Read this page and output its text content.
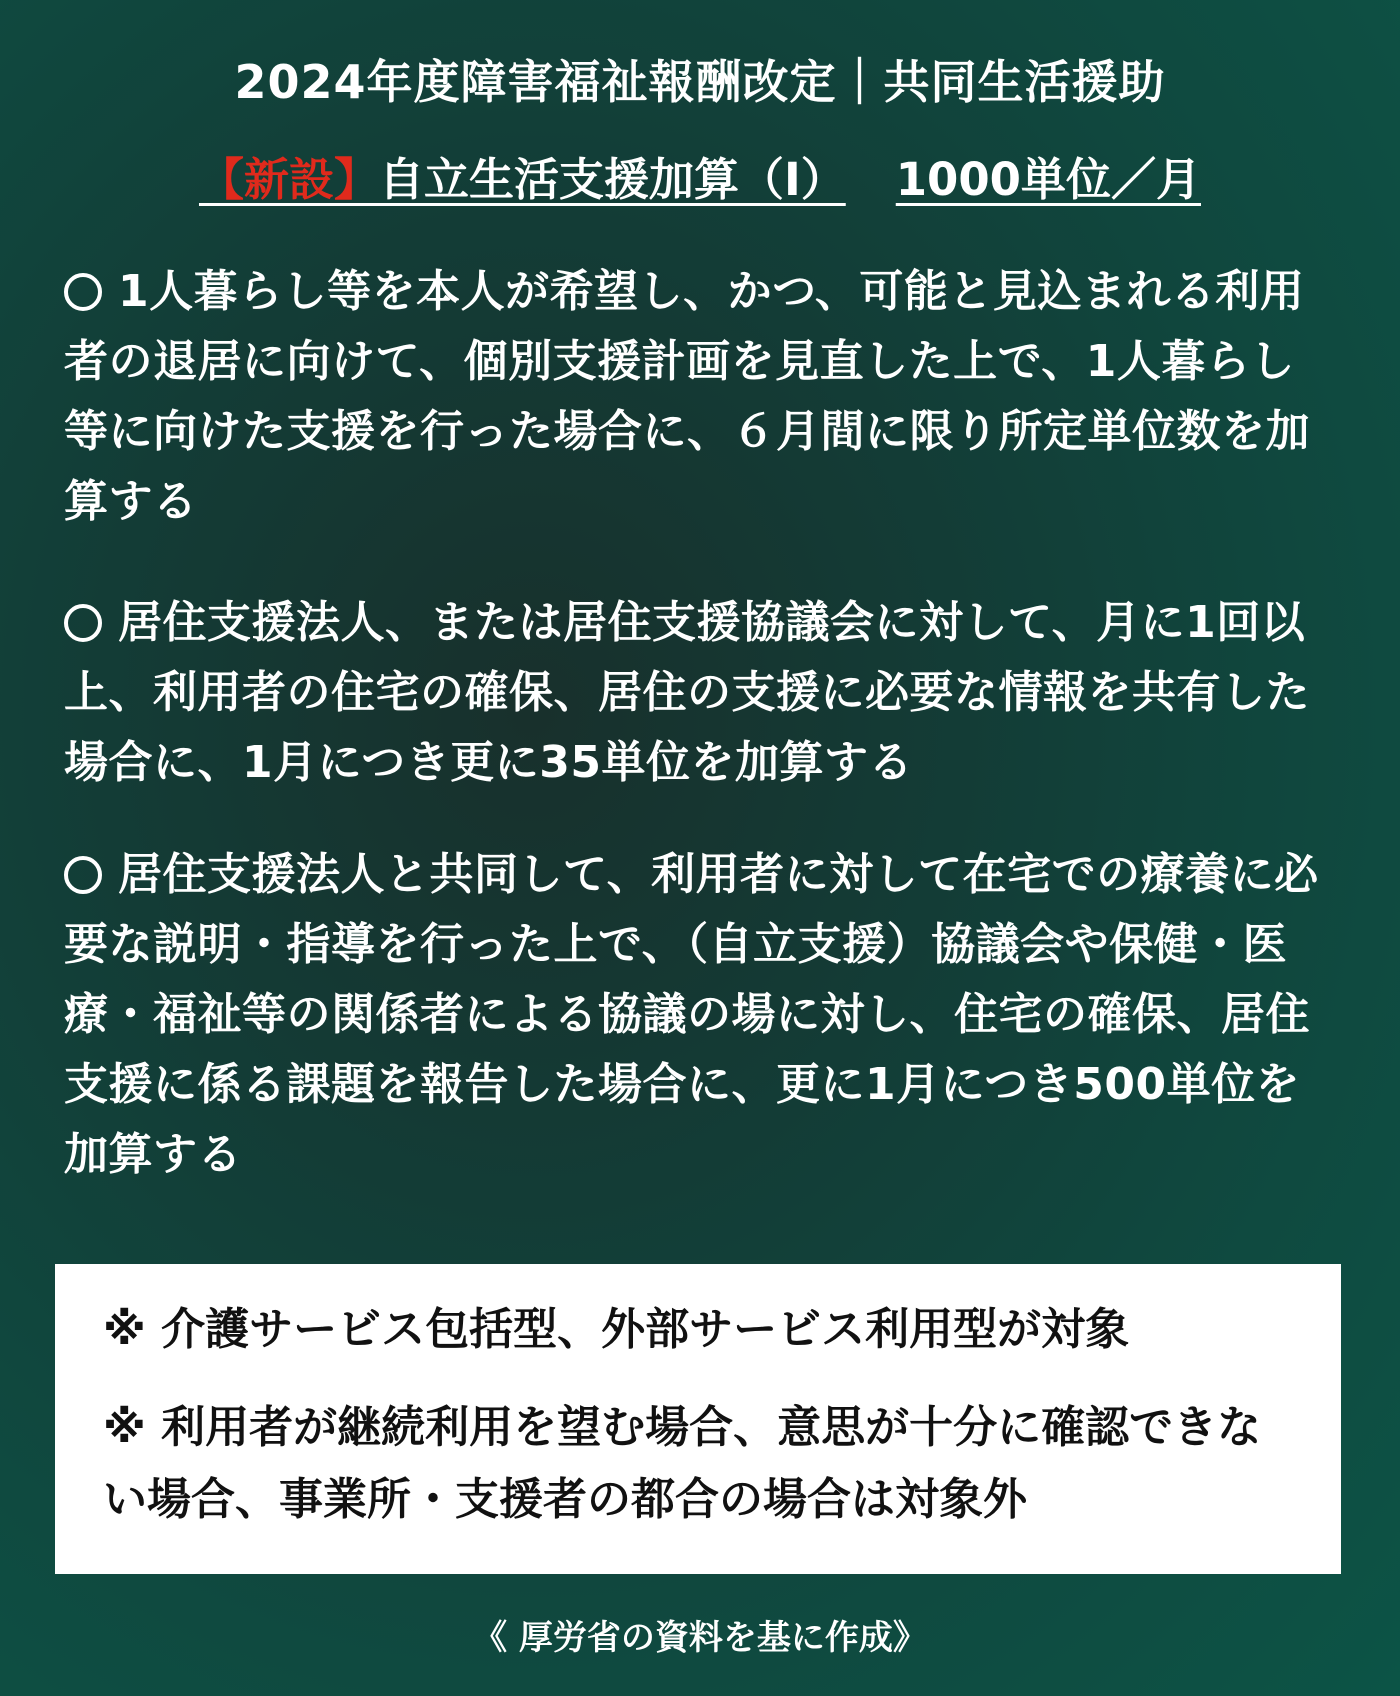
2024年度障害福祉報酬改定｜共同生活援助
【新設】自立生活支援加算（Ⅰ） 1000単位／月
1人暮らし等を本人が希望し、かつ、可能と見込まれる利用者の退居に向けて、個別支援計画を見直した上で、1人暮らし等に向けた支援を行った場合に、６月間に限り所定単位数を加算する
居住支援法人、または居住支援協議会に対して、月に1回以上、利用者の住宅の確保、居住の支援に必要な情報を共有した場合に、1月につき更に35単位を加算する
居住支援法人と共同して、利用者に対して在宅での療養に必要な説明・指導を行った上で、（自立支援）協議会や保健・医療・福祉等の関係者による協議の場に対し、住宅の確保、居住支援に係る課題を報告した場合に、更に1月につき500単位を加算する

※ 介護サービス包括型、外部サービス利用型が対象

※ 利用者が継続利用を望む場合、意思が十分に確認できない場合、事業所・支援者の都合の場合は対象外

《 厚労省の資料を基に作成》
